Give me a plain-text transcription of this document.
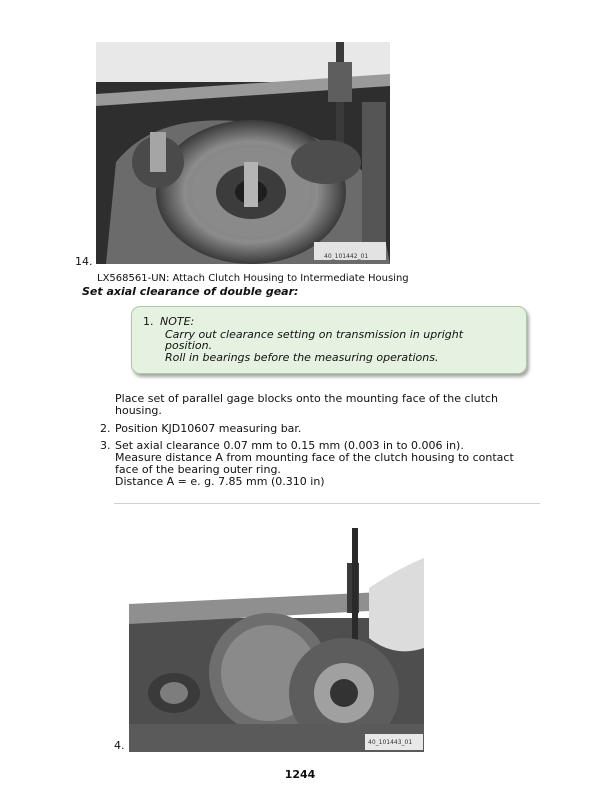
14.	40_101442_01
LX568561-UN: Attach Clutch Housing to Intermediate Housing
Set axial clearance of double gear:
1. NOTE:
Carry out clearance setting on transmission in upright
position.
Roll in bearings before the measuring operations.
Place set of parallel gage blocks onto the mounting face of the clutch
housing.
2. Position KJD10607 measuring bar.
3. Set axial clearance 0.07 mm to 0.15 mm (0.003 in to 0.006 in).
Measure distance A from mounting face of the clutch housing to contact
face of the bearing outer ring.
Distance A = e. g. 7.85 mm (0.310 in)
4.	40_101443_01
1244
